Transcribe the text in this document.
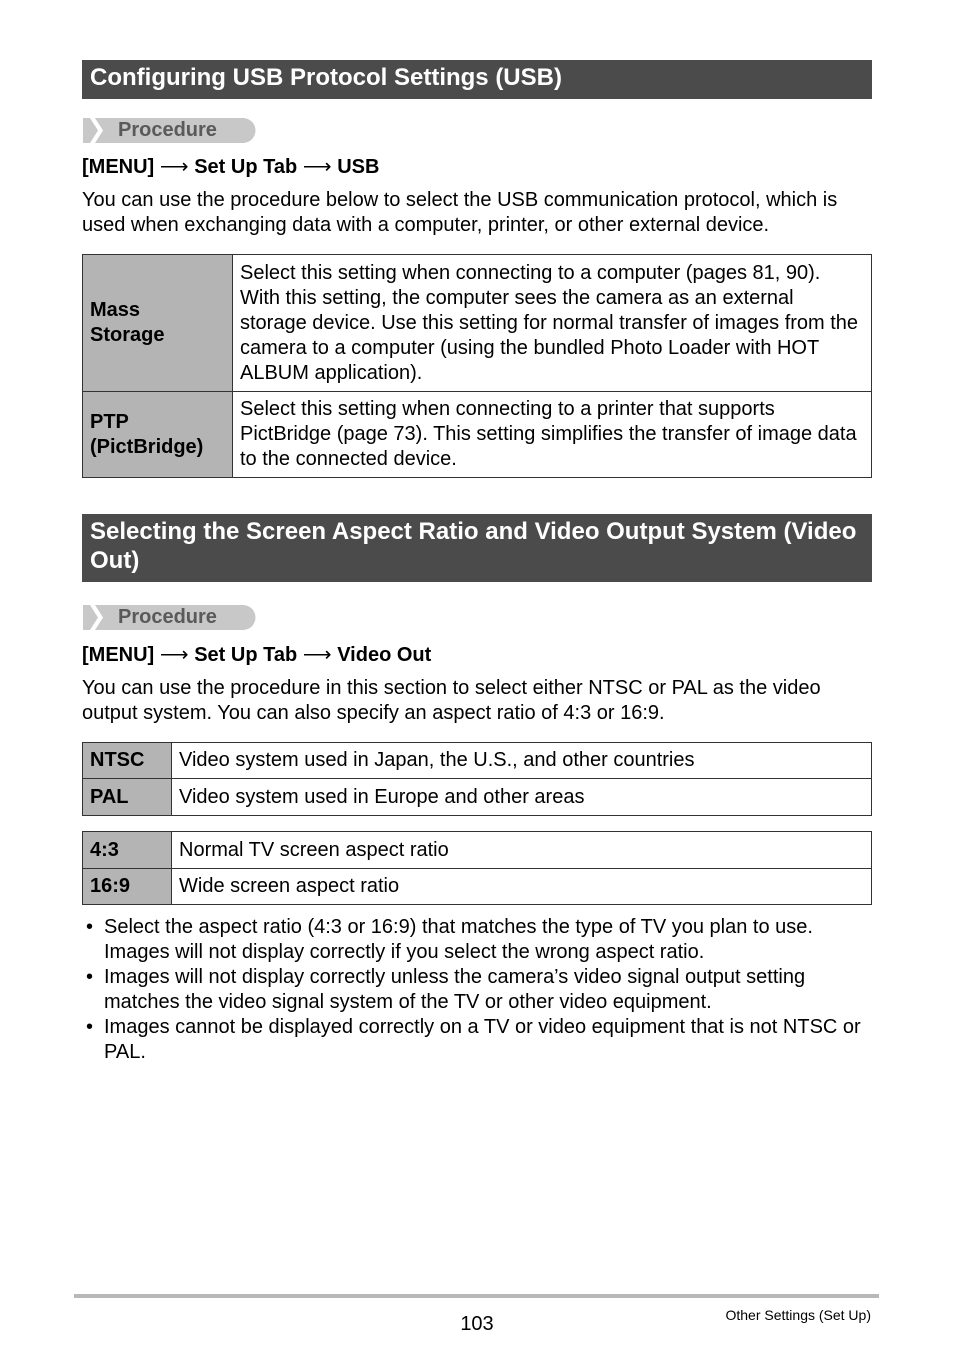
Configuring USB Protocol Settings (USB)
Procedure
[MENU] ⟶ Set Up Tab ⟶ USB
You can use the procedure below to select the USB communication protocol, which is used when exchanging data with a computer, printer, or other external device.
Mass
Storage	Select this setting when connecting to a computer (pages 81, 90). With this setting, the computer sees the camera as an external storage device. Use this setting for normal transfer of images from the camera to a computer (using the bundled Photo Loader with HOT ALBUM application).

PTP
(PictBridge)	Select this setting when connecting to a printer that supports PictBridge (page 73). This setting simplifies the transfer of image data to the connected device.
Selecting the Screen Aspect Ratio and Video Output System (Video Out)
Procedure
[MENU] ⟶ Set Up Tab ⟶ Video Out
You can use the procedure in this section to select either NTSC or PAL as the video output system. You can also specify an aspect ratio of 4:3 or 16:9.
NTSC	Video system used in Japan, the U.S., and other countries
PAL	Video system used in Europe and other areas
4:3	Normal TV screen aspect ratio
16:9	Wide screen aspect ratio
• Select the aspect ratio (4:3 or 16:9) that matches the type of TV you plan to use. Images will not display correctly if you select the wrong aspect ratio.
• Images will not display correctly unless the camera’s video signal output setting matches the video signal system of the TV or other video equipment.
• Images cannot be displayed correctly on a TV or video equipment that is not NTSC or PAL.
103	Other Settings (Set Up)
